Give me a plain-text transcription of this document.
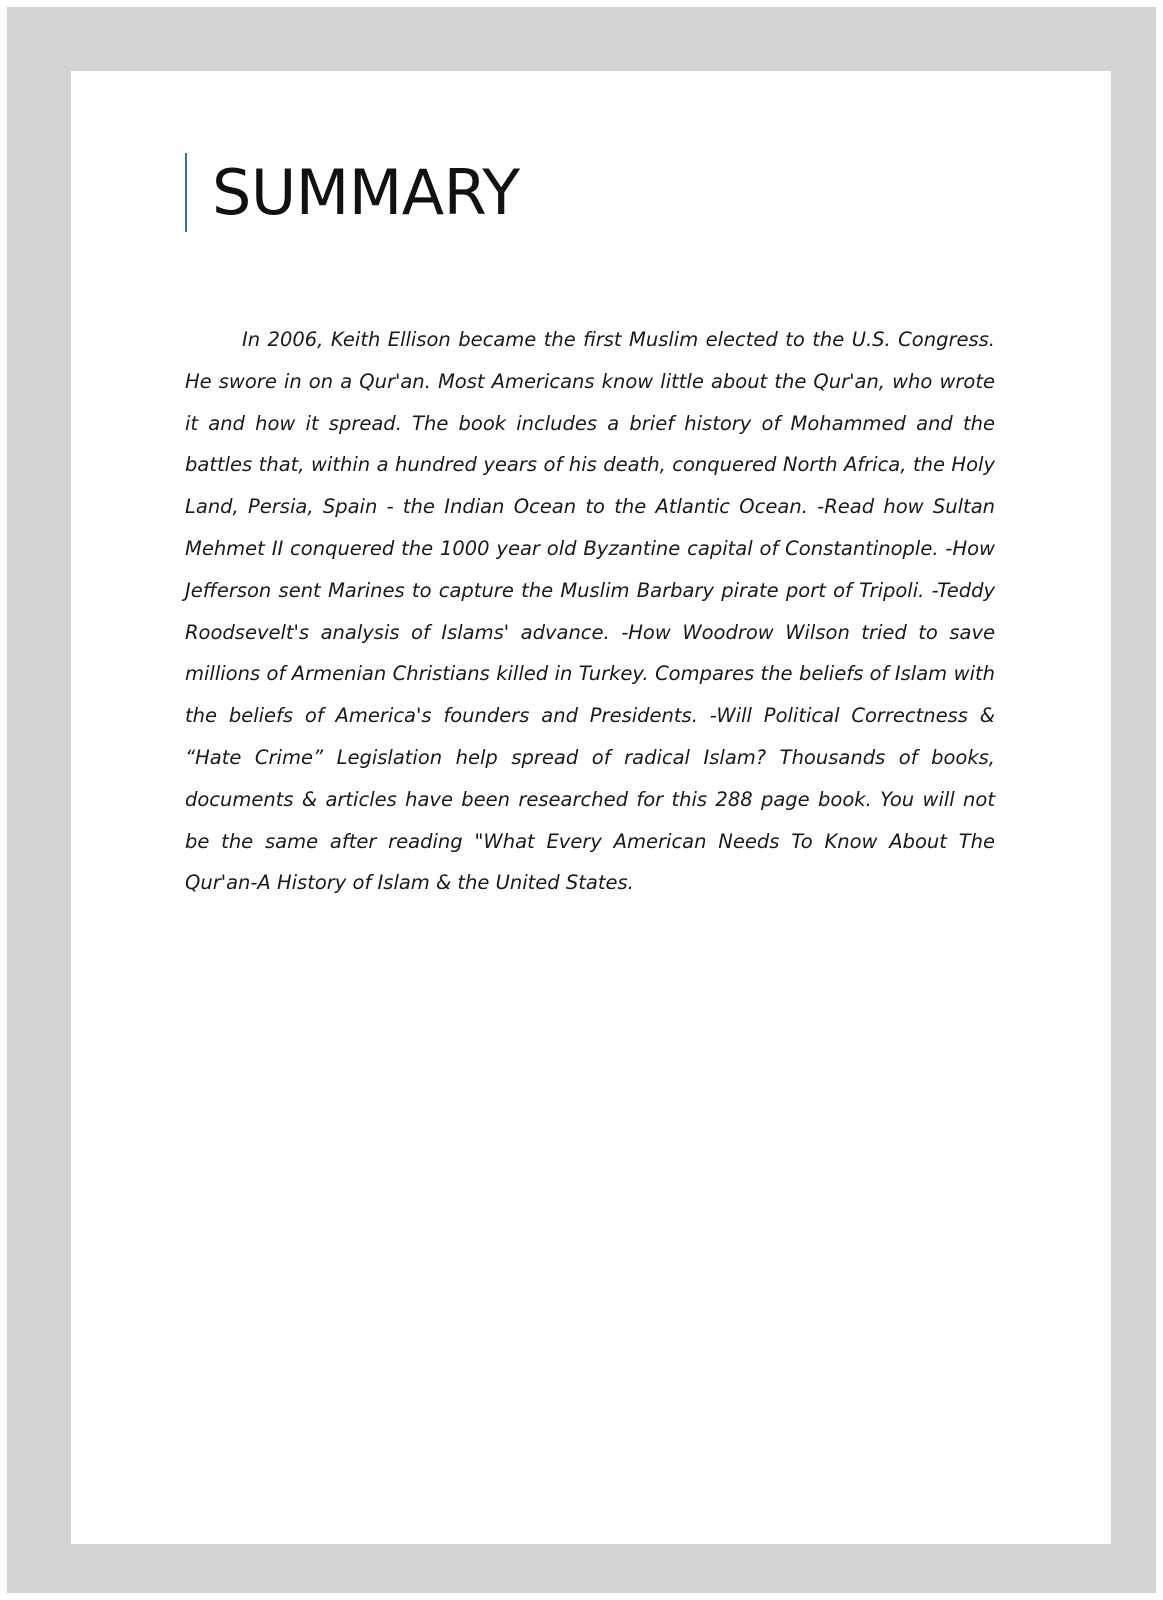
SUMMARY

In 2006, Keith Ellison became the first Muslim elected to the U.S. Congress. He swore in on a Qur'an. Most Americans know little about the Qur'an, who wrote it and how it spread. The book includes a brief history of Mohammed and the battles that, within a hundred years of his death, conquered North Africa, the Holy Land, Persia, Spain - the Indian Ocean to the Atlantic Ocean. -Read how Sultan Mehmet II conquered the 1000 year old Byzantine capital of Constantinople. -How Jefferson sent Marines to capture the Muslim Barbary pirate port of Tripoli. -Teddy Roodsevelt's analysis of Islams' advance. -How Woodrow Wilson tried to save millions of Armenian Christians killed in Turkey. Compares the beliefs of Islam with the beliefs of America's founders and Presidents. -Will Political Correctness & “Hate Crime” Legislation help spread of radical Islam? Thousands of books, documents & articles have been researched for this 288 page book. You will not be the same after reading "What Every American Needs To Know About The Qur'an-A History of Islam & the United States.
